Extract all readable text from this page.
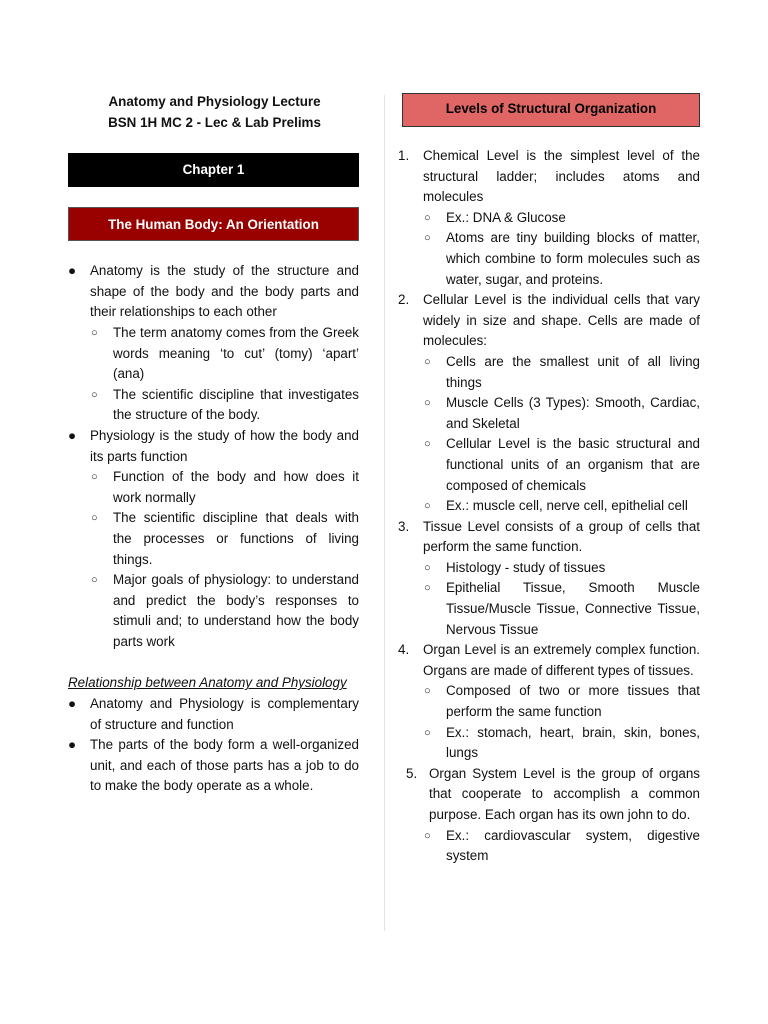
Anatomy and Physiology Lecture
BSN 1H MC 2 - Lec & Lab Prelims
Chapter 1
The Human Body: An Orientation
● Anatomy is the study of the structure and shape of the body and the body parts and their relationships to each other
○ The term anatomy comes from the Greek words meaning ‘to cut’ (tomy) ‘apart’ (ana)
○ The scientific discipline that investigates the structure of the body.
● Physiology is the study of how the body and its parts function
○ Function of the body and how does it work normally
○ The scientific discipline that deals with the processes or functions of living things.
○ Major goals of physiology: to understand and predict the body’s responses to stimuli and; to understand how the body parts work
Relationship between Anatomy and Physiology
● Anatomy and Physiology is complementary of structure and function
● The parts of the body form a well-organized unit, and each of those parts has a job to do to make the body operate as a whole.
Levels of Structural Organization
1. Chemical Level is the simplest level of the structural ladder; includes atoms and molecules
○ Ex.: DNA & Glucose
○ Atoms are tiny building blocks of matter, which combine to form molecules such as water, sugar, and proteins.
2. Cellular Level is the individual cells that vary widely in size and shape. Cells are made of molecules:
○ Cells are the smallest unit of all living things
○ Muscle Cells (3 Types): Smooth, Cardiac, and Skeletal
○ Cellular Level is the basic structural and functional units of an organism that are composed of chemicals
○ Ex.: muscle cell, nerve cell, epithelial cell
3. Tissue Level consists of a group of cells that perform the same function.
○ Histology - study of tissues
○ Epithelial Tissue, Smooth Muscle Tissue/Muscle Tissue, Connective Tissue, Nervous Tissue
4. Organ Level is an extremely complex function. Organs are made of different types of tissues.
○ Composed of two or more tissues that perform the same function
○ Ex.: stomach, heart, brain, skin, bones, lungs
5. Organ System Level is the group of organs that cooperate to accomplish a common purpose. Each organ has its own john to do.
○ Ex.: cardiovascular system, digestive system
